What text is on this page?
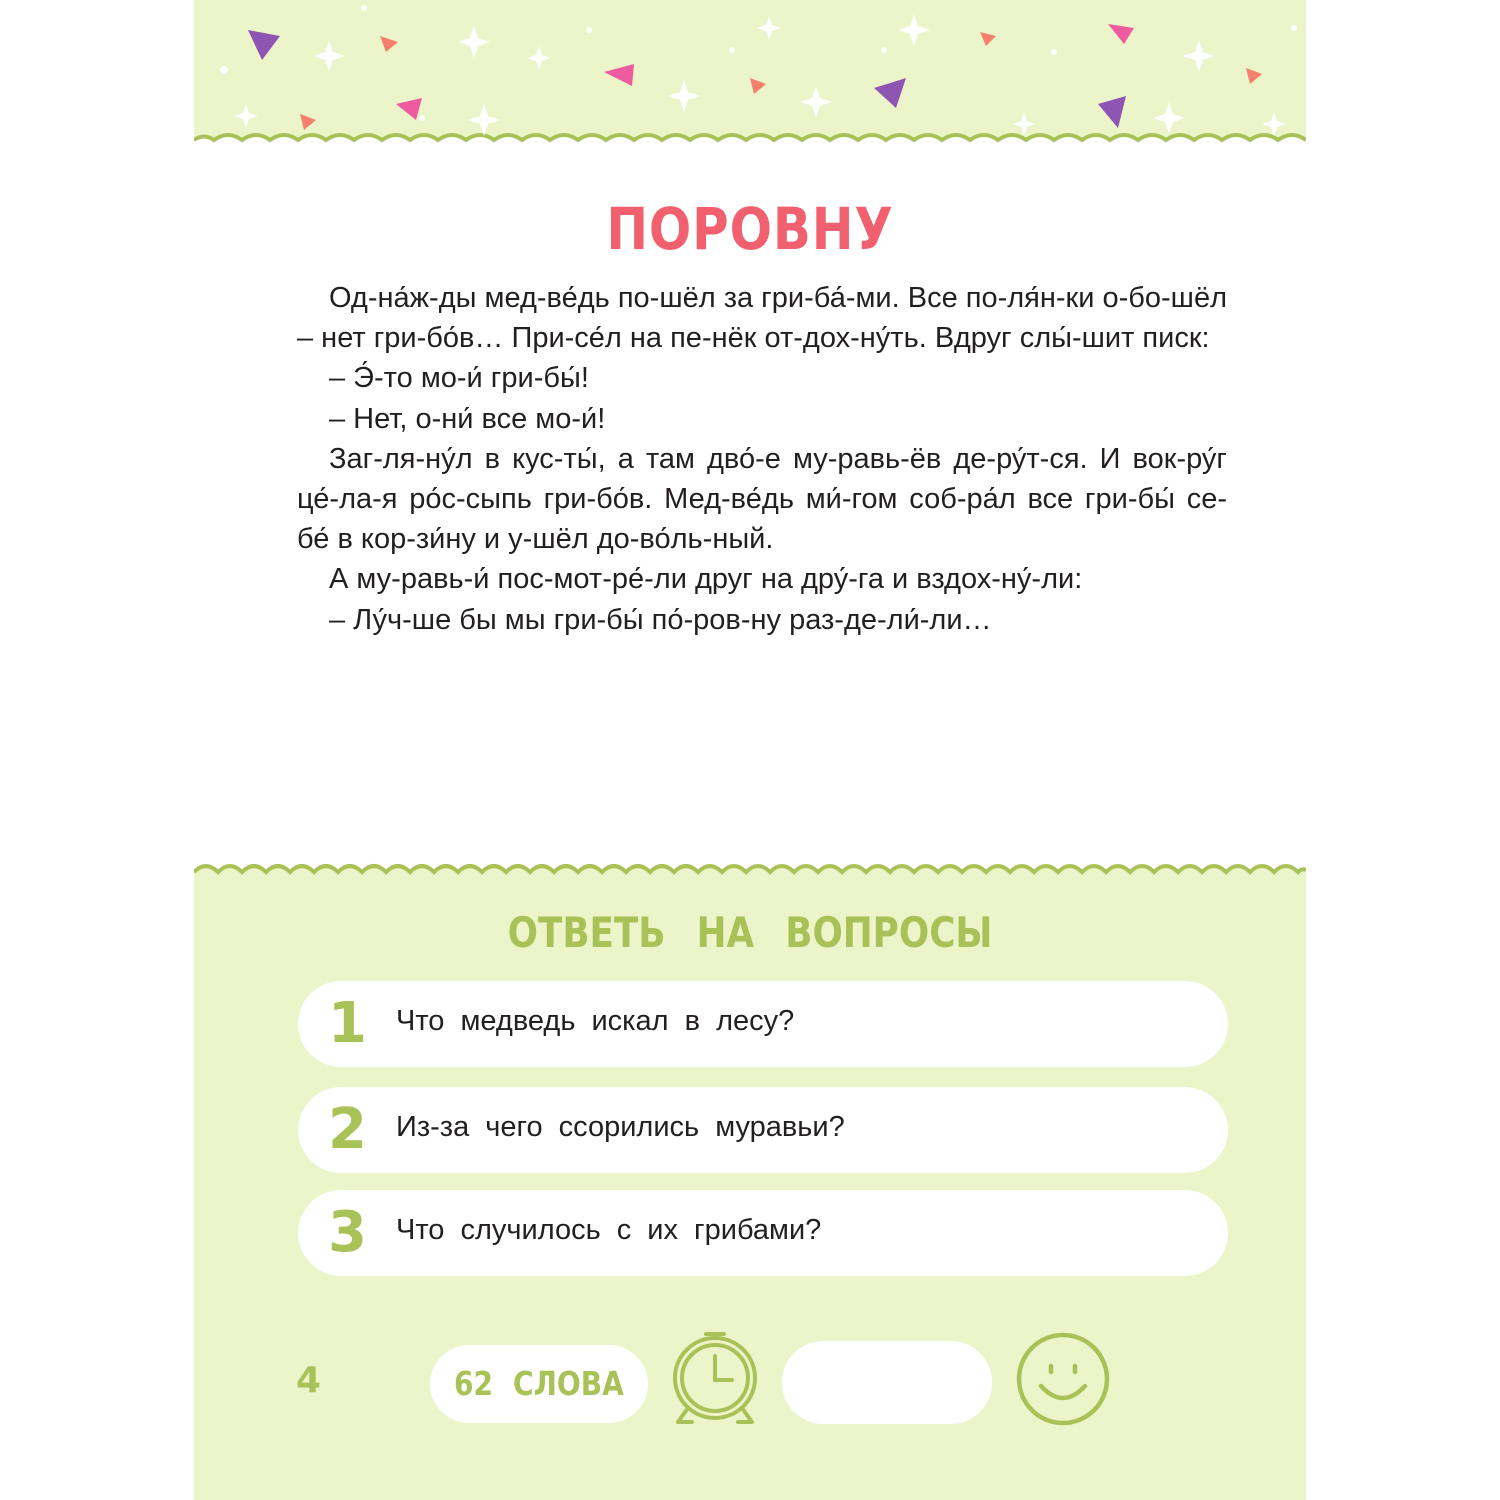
ПОРОВНУ

Од-на́ж-ды мед-ве́дь по-шёл за гри-ба́-ми. Все по-ля́н-ки о-бо-шёл – нет гри-бо́в… При-се́л на пе-нёк от-дох-ну́ть. Вдруг слы́-шит писк:

– Э́-то мо-и́ гри-бы́!

– Нет, о-ни́ все мо-и́!

Заг-ля-ну́л в кус-ты́, а там дво́-е му-равь-ёв де-ру́т-ся. И вок-ру́г це́-ла-я ро́с-сыпь гри-бо́в. Мед-ве́дь ми́-гом соб-ра́л все гри-бы́ се-бе́ в кор-зи́ну и у-шёл до-во́ль-ный.

А му-равь-и́ пос-мот-ре́-ли друг на дру́-га и вздох-ну́-ли:

– Лу́ч-ше бы мы гри-бы́ по́-ров-ну раз-де-ли́-ли…

ОТВЕТЬ НА ВОПРОСЫ
1 Что медведь искал в лесу?
2 Из-за чего ссорились муравьи?
3 Что случилось с их грибами?
4	62 СЛОВА
